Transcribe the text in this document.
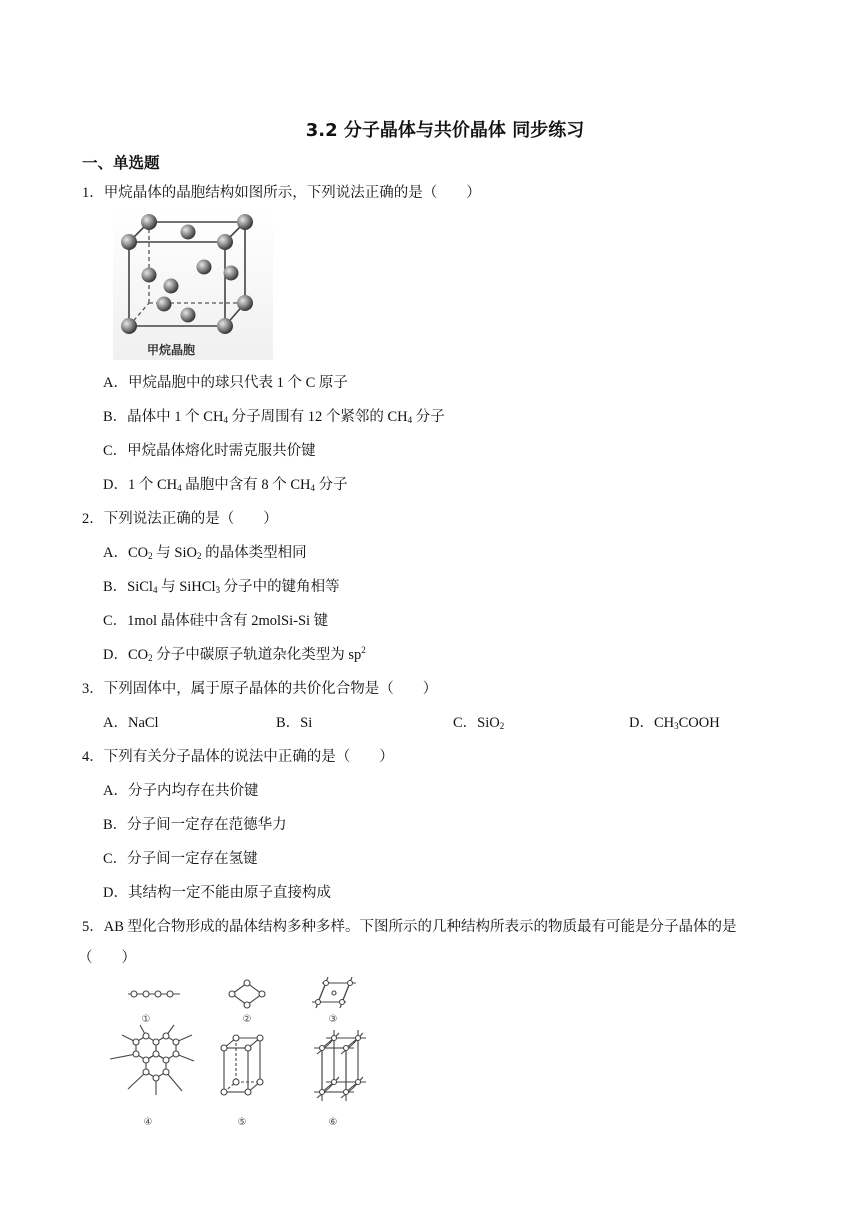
3.2 分子晶体与共价晶体 同步练习
一、单选题
1．甲烷晶体的晶胞结构如图所示，下列说法正确的是（　　）
甲烷晶胞
A．甲烷晶胞中的球只代表 1 个 C 原子
B．晶体中 1 个 $CH_4$ 分子周围有 12 个紧邻的 $CH_4$ 分子
C．甲烷晶体熔化时需克服共价键
D．1 个 $CH_4$ 晶胞中含有 8 个 $CH_4$ 分子
2．下列说法正确的是（　　）
A．$CO_2$ 与 SiO$_2$ 的晶体类型相同
B．SiCl$_4$ 与 SiHCl$_3$ 分子中的键角相等
C．1mol 晶体硅中含有 2molSi-Si 键
D．$CO_2$ 分子中碳原子轨道杂化类型为 $sp^2$
3．下列固体中，属于原子晶体的共价化合物是（　　）
A．NaCl	B．Si	C．SiO$_2$	D．$CH_3COOH$
4．下列有关分子晶体的说法中正确的是（　　）
A．分子内均存在共价键
B．分子间一定存在范德华力
C．分子间一定存在氢键
D．其结构一定不能由原子直接构成
5．AB 型化合物形成的晶体结构多种多样。下图所示的几种结构所表示的物质最有可能是分子晶体的是
（　　）
①	②	③
④	⑤	⑥
